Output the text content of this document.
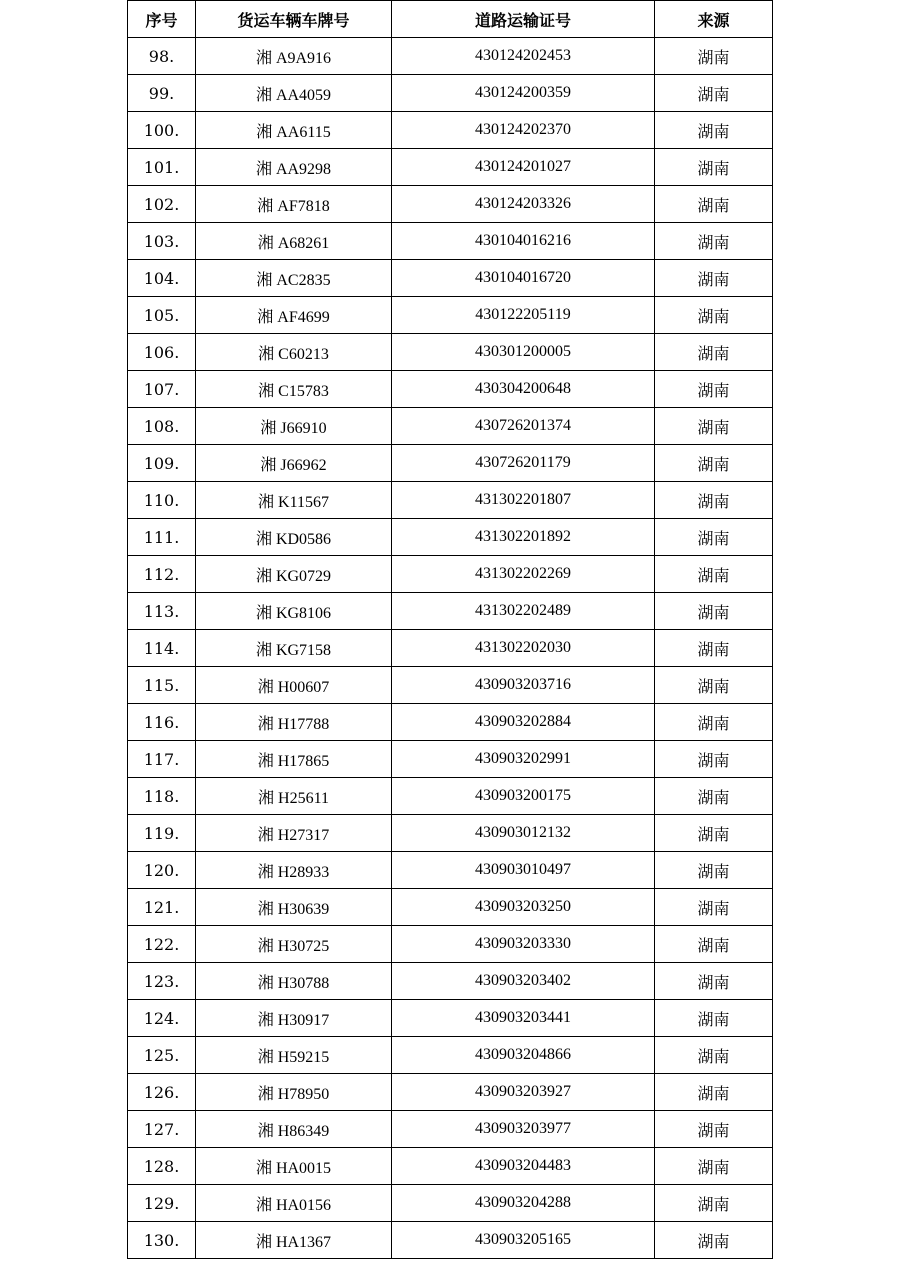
序号	货运车辆车牌号	道路运输证号	来源
98.	湘 A9A916	430124202453	湖南
99.	湘 AA4059	430124200359	湖南
100.	湘 AA6115	430124202370	湖南
101.	湘 AA9298	430124201027	湖南
102.	湘 AF7818	430124203326	湖南
103.	湘 A68261	430104016216	湖南
104.	湘 AC2835	430104016720	湖南
105.	湘 AF4699	430122205119	湖南
106.	湘 C60213	430301200005	湖南
107.	湘 C15783	430304200648	湖南
108.	湘 J66910	430726201374	湖南
109.	湘 J66962	430726201179	湖南
110.	湘 K11567	431302201807	湖南
111.	湘 KD0586	431302201892	湖南
112.	湘 KG0729	431302202269	湖南
113.	湘 KG8106	431302202489	湖南
114.	湘 KG7158	431302202030	湖南
115.	湘 H00607	430903203716	湖南
116.	湘 H17788	430903202884	湖南
117.	湘 H17865	430903202991	湖南
118.	湘 H25611	430903200175	湖南
119.	湘 H27317	430903012132	湖南
120.	湘 H28933	430903010497	湖南
121.	湘 H30639	430903203250	湖南
122.	湘 H30725	430903203330	湖南
123.	湘 H30788	430903203402	湖南
124.	湘 H30917	430903203441	湖南
125.	湘 H59215	430903204866	湖南
126.	湘 H78950	430903203927	湖南
127.	湘 H86349	430903203977	湖南
128.	湘 HA0015	430903204483	湖南
129.	湘 HA0156	430903204288	湖南
130.	湘 HA1367	430903205165	湖南
